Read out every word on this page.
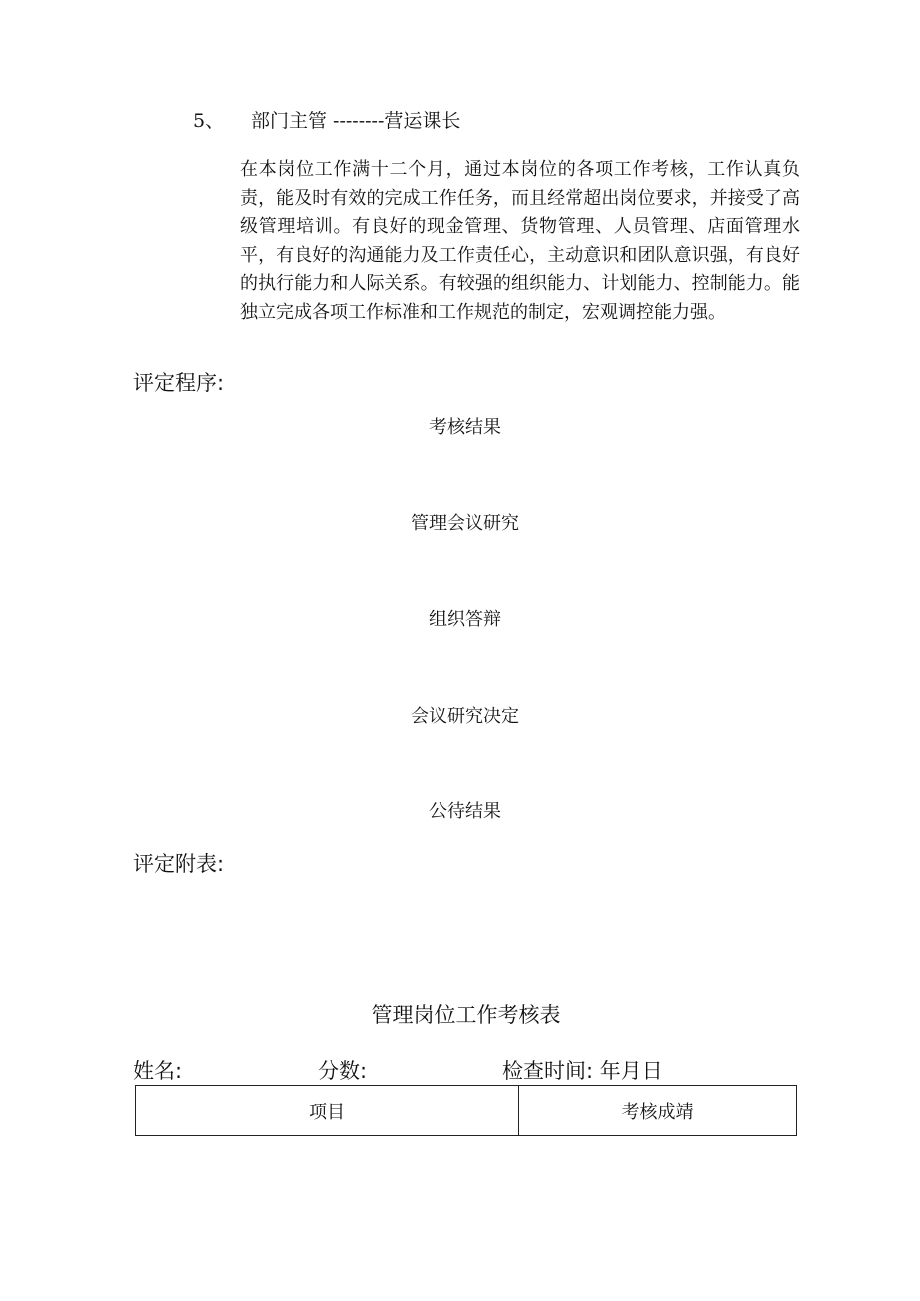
5、 部门主管 --------营运课长
在本岗位工作满十二个月，通过本岗位的各项工作考核，工作认真负责，能及时有效的完成工作任务，而且经常超出岗位要求，并接受了高级管理培训。有良好的现金管理、货物管理、人员管理、店面管理水平，有良好的沟通能力及工作责任心，主动意识和团队意识强，有良好的执行能力和人际关系。有较强的组织能力、计划能力、控制能力。能独立完成各项工作标准和工作规范的制定，宏观调控能力强。
评定程序:
考核结果
管理会议研究
组织答辩
会议研究决定
公待结果
评定附表:
管理岗位工作考核表
姓名:	分数:	检查时间: 年月日
项目	考核成靖
